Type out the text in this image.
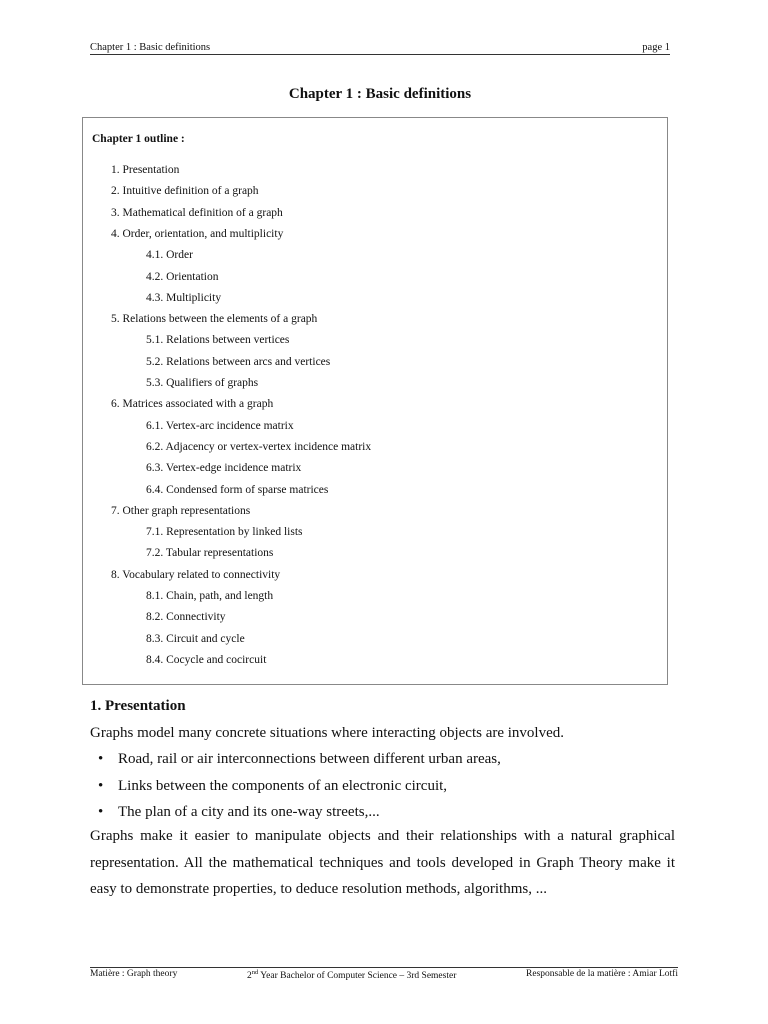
Chapter 1 : Basic definitions	page 1
Chapter 1 : Basic definitions
Chapter 1 outline :
1. Presentation
2. Intuitive definition of a graph
3. Mathematical definition of a graph
4. Order, orientation, and multiplicity
4.1. Order
4.2. Orientation
4.3. Multiplicity
5. Relations between the elements of a graph
5.1. Relations between vertices
5.2. Relations between arcs and vertices
5.3. Qualifiers of graphs
6. Matrices associated with a graph
6.1. Vertex-arc incidence matrix
6.2. Adjacency or vertex-vertex incidence matrix
6.3. Vertex-edge incidence matrix
6.4. Condensed form of sparse matrices
7. Other graph representations
7.1. Representation by linked lists
7.2. Tabular representations
8. Vocabulary related to connectivity
8.1. Chain, path, and length
8.2. Connectivity
8.3. Circuit and cycle
8.4. Cocycle and cocircuit
1. Presentation
Graphs model many concrete situations where interacting objects are involved.
• Road, rail or air interconnections between different urban areas,
• Links between the components of an electronic circuit,
• The plan of a city and its one-way streets,...
Graphs make it easier to manipulate objects and their relationships with a natural graphical representation. All the mathematical techniques and tools developed in Graph Theory make it easy to demonstrate properties, to deduce resolution methods, algorithms, ...
Matière : Graph theory	2nd Year Bachelor of Computer Science – 3rd Semester	Responsable de la matière : Amiar Lotfi
